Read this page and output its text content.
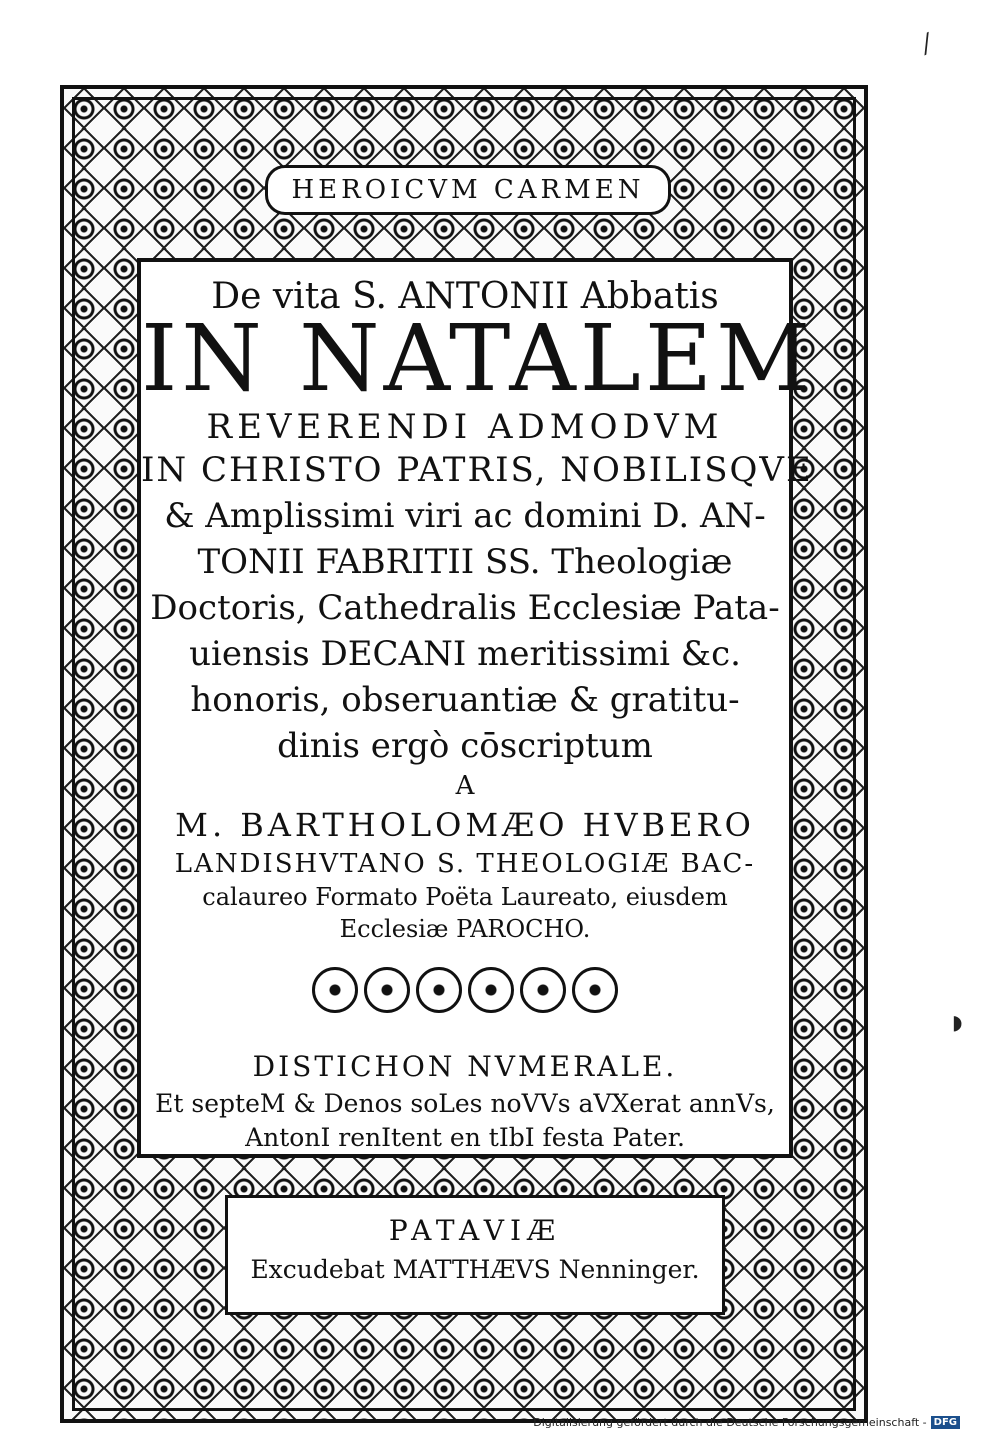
⁄
◗
HEROICVM CARMEN
De vita S. ANTONII Abbatis
IN NATALEM
REVERENDI ADMODVM
IN CHRISTO PATRIS, NOBILISQVE
& Amplissimi viri ac domini D. AN-
TONII FABRITII SS. Theologiæ
Doctoris, Cathedralis Ecclesiæ Pata-
uiensis DECANI meritissimi &c.
honoris, obseruantiæ & gratitu-
dinis ergò cōscriptum
A
M. BARTHOLOMÆO HVBERO
LANDISHVTANO S. THEOLOGIÆ BAC-
calaureo Formato Poëta Laureato, eiusdem
Ecclesiæ PAROCHO.
DISTICHON NVMERALE.
Et septeM & Denos soLes noVVs aVXerat annVs,
AntonI renItent en tIbI festa Pater.
PATAVIÆ
Excudebat MATTHÆVS Nenninger.
Digitalisierung gefördert durch die Deutsche Forschungsgemeinschaft - DFG
